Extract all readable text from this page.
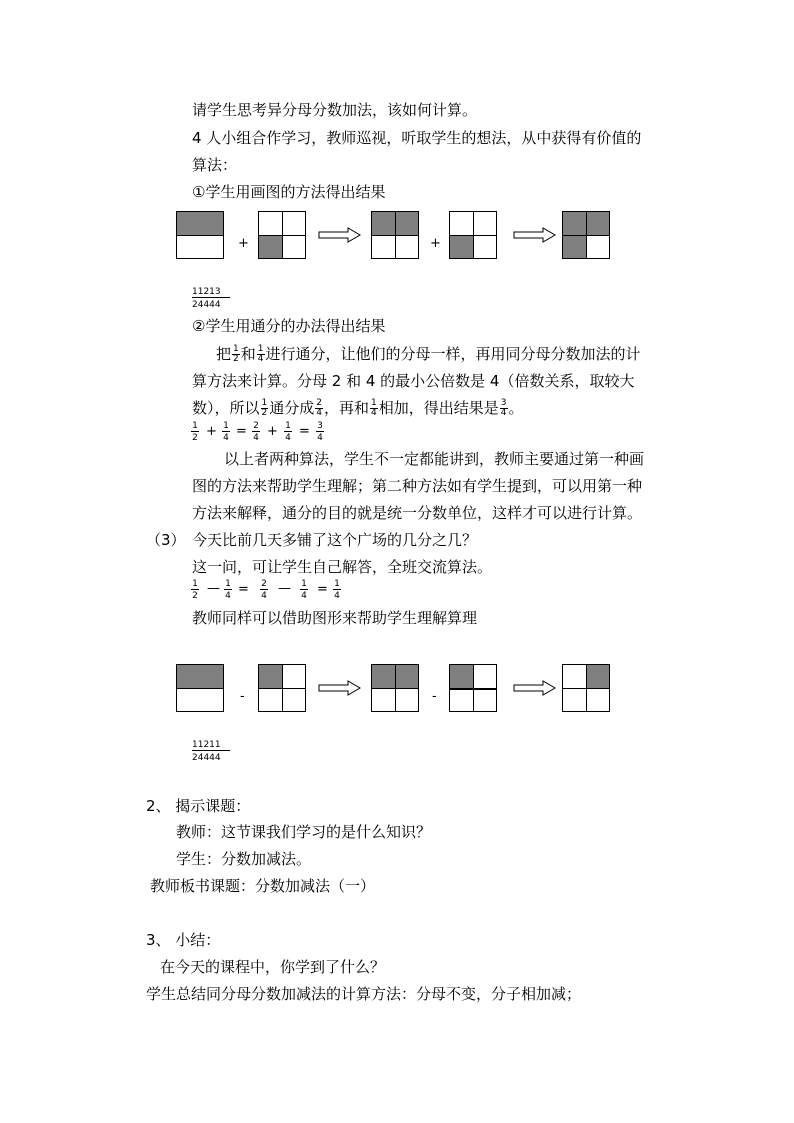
请学生思考异分母分数加法，该如何计算。
4 人小组合作学习，教师巡视，听取学生的想法，从中获得有价值的
算法：
①学生用画图的方法得出结果
+	+
11213
24444
②学生用通分的办法得出结果
把 $\frac{1}{2}$ 和 $\frac{1}{4}$ 进行通分，让他们的分母一样，再用同分母分数加法的计
算方法来计算。分母 2 和 4 的最小公倍数是 4（倍数关系，取较大
数），所以 $\frac{1}{2}$ 通分成 $\frac{2}{4}$ ，再和 $\frac{1}{4}$ 相加，得出结果是 $\frac{3}{4}$ 。
1
2 + 1
4 = 2
4 + 1
4 = 3
4
以上者两种算法，学生不一定都能讲到，教师主要通过第一种画
图的方法来帮助学生理解；第二种方法如有学生提到，可以用第一种
方法来解释，通分的目的就是统一分数单位，这样才可以进行计算。
（3） 今天比前几天多铺了这个广场的几分之几？
这一问，可让学生自己解答，全班交流算法。
1
2 — 1
4 = 2
4 — 1
4 = 1
4
教师同样可以借助图形来帮助学生理解算理
-	-
11211
24444
2、 揭示课题：
教师：这节课我们学习的是什么知识？
学生：分数加减法。
教师板书课题：分数加减法（一）
3、 小结：
在今天的课程中，你学到了什么？
学生总结同分母分数加减法的计算方法：分母不变，分子相加减；
